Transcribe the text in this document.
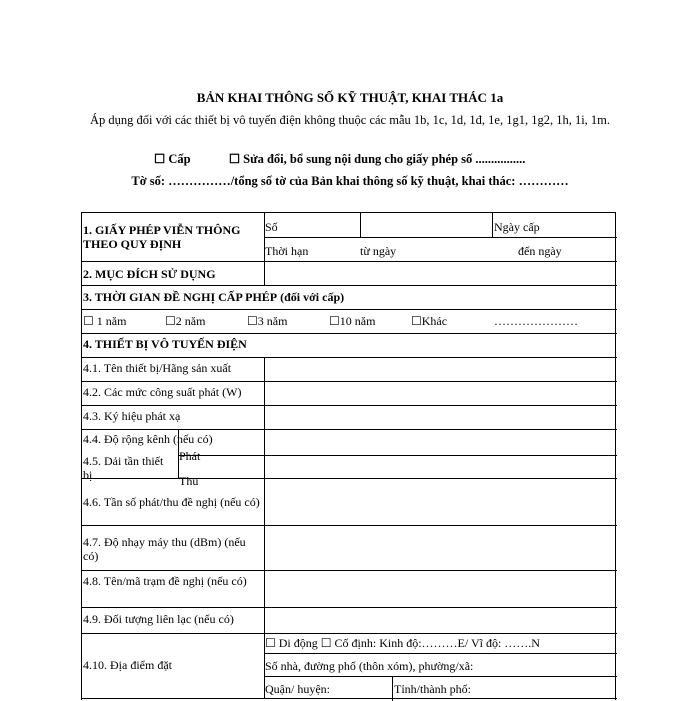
BẢN KHAI THÔNG SỐ KỸ THUẬT, KHAI THÁC 1a
Áp dụng đối với các thiết bị vô tuyến điện không thuộc các mẫu 1b, 1c, 1d, 1đ, 1e, 1g1, 1g2, 1h, 1i, 1m.
☐ Cấp	☐ Sửa đổi, bổ sung nội dung cho giấy phép số ................
Tờ số: ……………/tổng số tờ của Bản khai thông số kỹ thuật, khai thác: …………
1. GIẤY PHÉP VIỄN THÔNG THEO QUY ĐỊNH
Số	Ngày cấp
Thời hạn	từ ngày	đến ngày
2. MỤC ĐÍCH SỬ DỤNG
3. THỜI GIAN ĐỀ NGHỊ CẤP PHÉP (đối với cấp)
☐ 1 năm	☐2 năm	☐3 năm	☐10 năm	☐Khác	…………………
4. THIẾT BỊ VÔ TUYẾN ĐIỆN
4.1. Tên thiết bị/Hãng sản xuất
4.2. Các mức công suất phát (W)
4.3. Ký hiệu phát xạ
4.4. Độ rộng kênh (nếu có)
4.5. Dải tần thiết bị
Phát
Thu
4.6. Tần số phát/thu đề nghị (nếu có)
4.7. Độ nhạy máy thu (dBm) (nếu có)
4.8. Tên/mã trạm đề nghị (nếu có)
4.9. Đối tượng liên lạc (nếu có)
4.10. Địa điểm đặt
☐ Di động ☐ Cố định: Kinh độ:………E/ Vĩ độ: …….N
Số nhà, đường phố (thôn xóm), phường/xã:
Quận/ huyện:	Tỉnh/thành phố:
